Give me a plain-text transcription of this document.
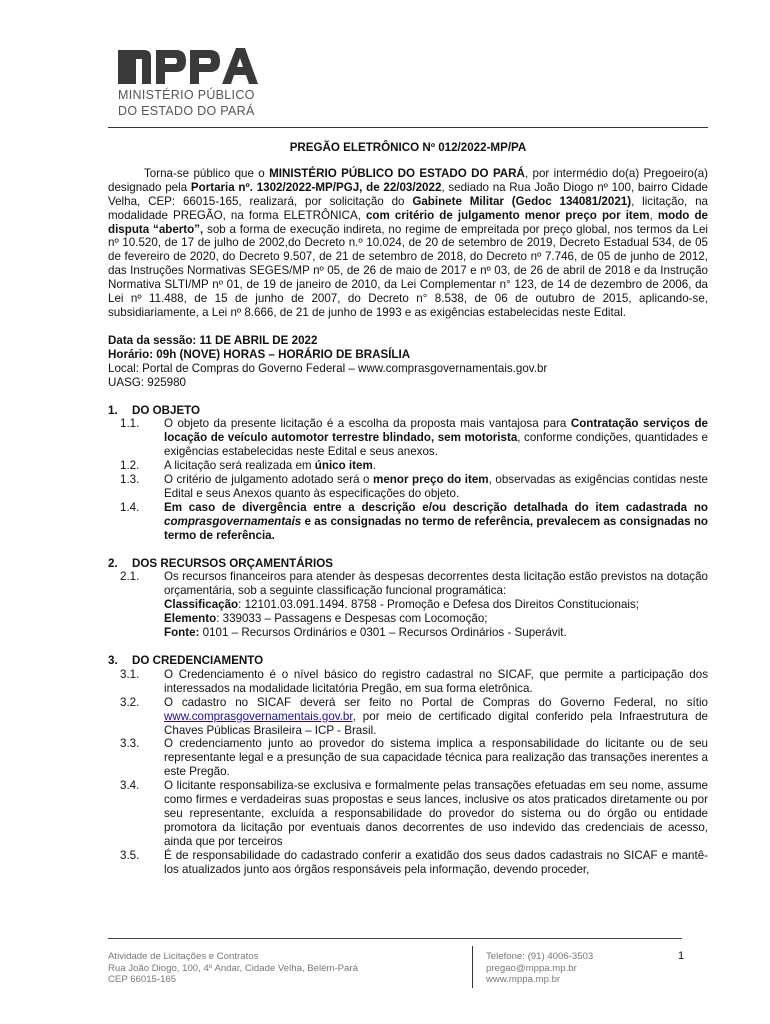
MINISTÉRIO PÚBLICO
DO ESTADO DO PARÁ

PREGÃO ELETRÔNICO Nº 012/2022-MP/PA

Torna-se público que o MINISTÉRIO PÚBLICO DO ESTADO DO PARÁ, por intermédio do(a) Pregoeiro(a) designado pela Portaria nº. 1302/2022-MP/PGJ, de 22/03/2022, sediado na Rua João Diogo nº 100, bairro Cidade Velha, CEP: 66015-165, realizará, por solicitação do Gabinete Militar (Gedoc 134081/2021), licitação, na modalidade PREGÃO, na forma ELETRÔNICA, com critério de julgamento menor preço por item, modo de disputa “aberto”, sob a forma de execução indireta, no regime de empreitada por preço global, nos termos da Lei nº 10.520, de 17 de julho de 2002,do Decreto n.º 10.024, de 20 de setembro de 2019, Decreto Estadual 534, de 05 de fevereiro de 2020, do Decreto 9.507, de 21 de setembro de 2018, do Decreto nº 7.746, de 05 de junho de 2012, das Instruções Normativas SEGES/MP nº 05, de 26 de maio de 2017 e nº 03, de 26 de abril de 2018 e da Instrução Normativa SLTI/MP nº 01, de 19 de janeiro de 2010, da Lei Complementar n° 123, de 14 de dezembro de 2006, da Lei nº 11.488, de 15 de junho de 2007, do Decreto n° 8.538, de 06 de outubro de 2015, aplicando-se, subsidiariamente, a Lei nº 8.666, de 21 de junho de 1993 e as exigências estabelecidas neste Edital.

Data da sessão: 11 DE ABRIL DE 2022

Horário: 09h (NOVE) HORAS – HORÁRIO DE BRASÍLIA

Local: Portal de Compras do Governo Federal – www.comprasgovernamentais.gov.br

UASG: 925980

1. DO OBJETO

1.1.	O objeto da presente licitação é a escolha da proposta mais vantajosa para Contratação serviços de locação de veículo automotor terrestre blindado, sem motorista, conforme condições, quantidades e exigências estabelecidas neste Edital e seus anexos.
1.2.	A licitação será realizada em único item.
1.3.	O critério de julgamento adotado será o menor preço do item, observadas as exigências contidas neste Edital e seus Anexos quanto às especificações do objeto.
1.4.	Em caso de divergência entre a descrição e/ou descrição detalhada do item cadastrada no comprasgovernamentais e as consignadas no termo de referência, prevalecem as consignadas no termo de referência.

2. DOS RECURSOS ORÇAMENTÁRIOS

2.1.	Os recursos financeiros para atender às despesas decorrentes desta licitação estão previstos na dotação orçamentária, sob a seguinte classificação funcional programática:

Classificação: 12101.03.091.1494. 8758 - Promoção e Defesa dos Direitos Constitucionais;

Elemento: 339033 – Passagens e Despesas com Locomoção;

Fonte: 0101 – Recursos Ordinários e 0301 – Recursos Ordinários - Superávit.

3. DO CREDENCIAMENTO

3.1.	O Credenciamento é o nível básico do registro cadastral no SICAF, que permite a participação dos interessados na modalidade licitatória Pregão, em sua forma eletrônica.
3.2.	O cadastro no SICAF deverá ser feito no Portal de Compras do Governo Federal, no sítio www.comprasgovernamentais.gov.br, por meio de certificado digital conferido pela Infraestrutura de Chaves Públicas Brasileira – ICP - Brasil.
3.3.	O credenciamento junto ao provedor do sistema implica a responsabilidade do licitante ou de seu representante legal e a presunção de sua capacidade técnica para realização das transações inerentes a este Pregão.
3.4.	O licitante responsabiliza-se exclusiva e formalmente pelas transações efetuadas em seu nome, assume como firmes e verdadeiras suas propostas e seus lances, inclusive os atos praticados diretamente ou por seu representante, excluída a responsabilidade do provedor do sistema ou do órgão ou entidade promotora da licitação por eventuais danos decorrentes de uso indevido das credenciais de acesso, ainda que por terceiros
3.5.	É de responsabilidade do cadastrado conferir a exatidão dos seus dados cadastrais no SICAF e mantê-los atualizados junto aos órgãos responsáveis pela informação, devendo proceder,
Atividade de Licitações e Contratos
Rua João Diogo, 100, 4º Andar, Cidade Velha, Belém-Pará
CEP 66015-165
Telefone: (91) 4006-3503
pregao@mppa.mp.br
www.mppa.mp.br
1
